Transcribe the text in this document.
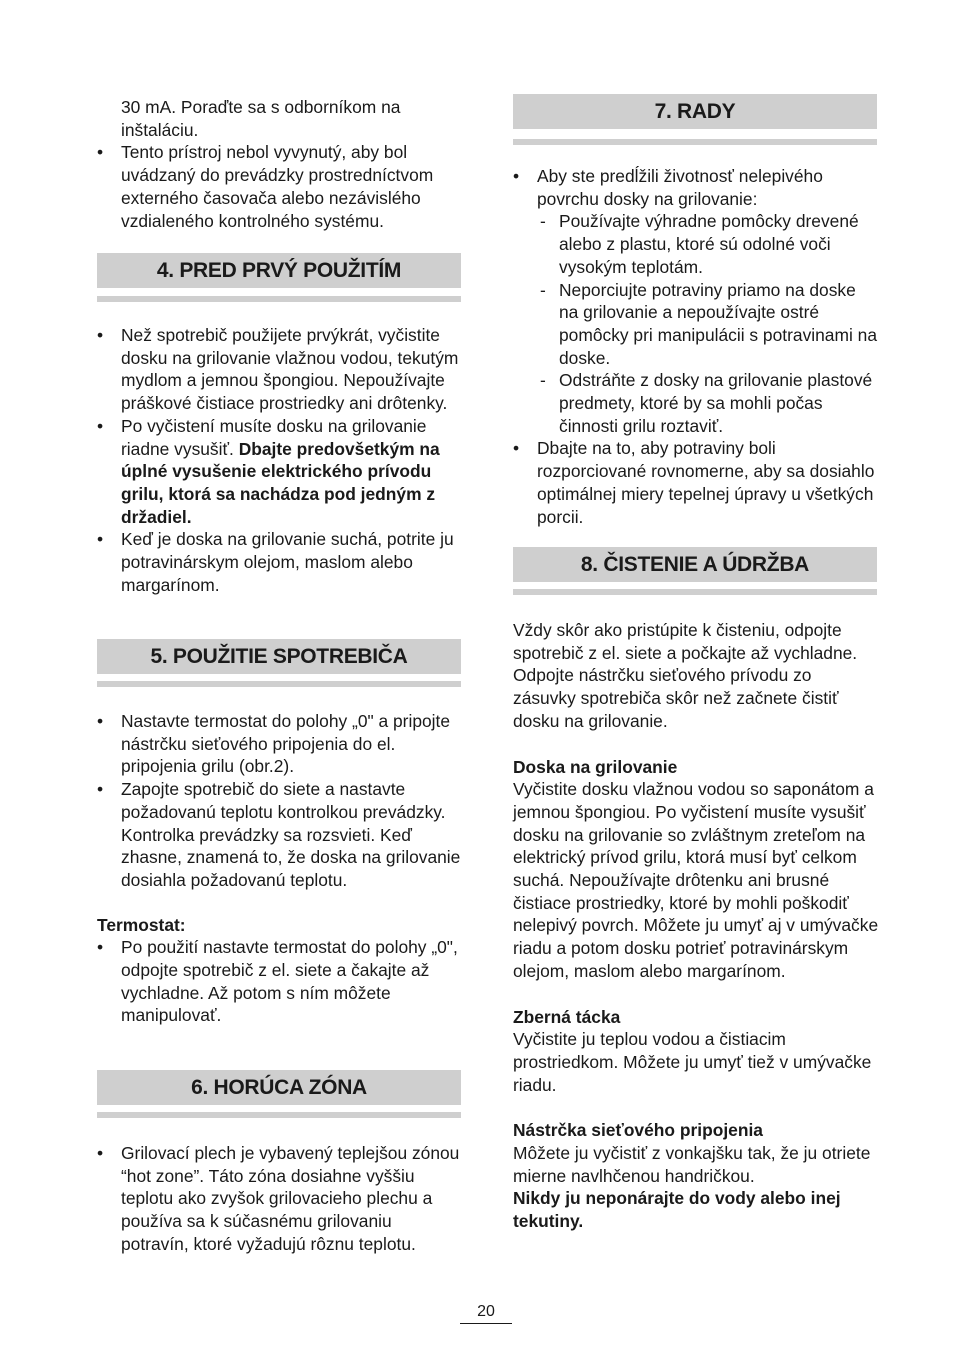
30 mA. Poraďte sa s odborníkom na inštaláciu.

• Tento prístroj nebol vyvynutý, aby bol uvádzaný do prevádzky prostredníctvom externého časovača alebo nezávislého vzdialeného kontrolného systému.
4. PRED PRVÝ POUŽITÍM
• Než spotrebič použijete prvýkrát, vyčistite dosku na grilovanie vlažnou vodou, tekutým mydlom a jemnou špongiou. Nepoužívajte práškové čistiace prostriedky ani drôtenky.
• Po vyčistení musíte dosku na grilovanie riadne vysušiť. Dbajte predovšetkým na úplné vysušenie elektrického prívodu grilu, ktorá sa nachádza pod jedným z držadiel.
• Keď je doska na grilovanie suchá, potrite ju potravinárskym olejom, maslom alebo margarínom.
5. POUŽITIE SPOTREBIČA
• Nastavte termostat do polohy „0" a pripojte nástrčku sieťového pripojenia do el. pripojenia grilu (obr.2).
• Zapojte spotrebič do siete a nastavte požadovanú teplotu kontrolkou prevádzky. Kontrolka prevádzky sa rozsvieti. Keď zhasne, znamená to, že doska na grilovanie dosiahla požadovanú teplotu.

Termostat:

• Po použití nastavte termostat do polohy „0", odpojte spotrebič z el. siete a čakajte až vychladne. Až potom s ním môžete manipulovať.
6. HORÚCA ZÓNA
• Grilovací plech je vybavený teplejšou zónou “hot zone”. Táto zóna dosiahne vyššiu teplotu ako zvyšok grilovacieho plechu a používa sa k súčasnému grilovaniu potravín, ktoré vyžadujú rôznu teplotu.
7. RADY
• Aby ste predĺžili životnosť nelepivého povrchu dosky na grilovanie:
- Používajte výhradne pomôcky drevené alebo z plastu, ktoré sú odolné voči vysokým teplotám.
- Neporciujte potraviny priamo na doske na grilovanie a nepoužívajte ostré pomôcky pri manipulácii s potravinami na doske.
- Odstráňte z dosky na grilovanie plastové predmety, ktoré by sa mohli počas činnosti grilu roztaviť.
• Dbajte na to, aby potraviny boli rozporciované rovnomerne, aby sa dosiahlo optimálnej miery tepelnej úpravy u všetkých porcii.
8. ČISTENIE A ÚDRŽBA

Vždy skôr ako pristúpite k čisteniu, odpojte spotrebič z el. siete a počkajte až vychladne. Odpojte nástrčku sieťového prívodu zo zásuvky spotrebiča skôr než začnete čistiť dosku na grilovanie.

Doska na grilovanie

Vyčistite dosku vlažnou vodou so saponátom a jemnou špongiou. Po vyčistení musíte vysušiť dosku na grilovanie so zvláštnym zreteľom na elektrický prívod grilu, ktorá musí byť celkom suchá. Nepoužívajte drôtenku ani brusné čistiace prostriedky, ktoré by mohli poškodiť nelepivý povrch. Môžete ju umyť aj v umývačke riadu a potom dosku potrieť potravinárskym olejom, maslom alebo margarínom.

Zberná tácka

Vyčistite ju teplou vodou a čistiacim prostriedkom. Môžete ju umyť tiež v umývačke riadu.

Nástrčka sieťového pripojenia

Môžete ju vyčistiť z vonkajšku tak, že ju otriete mierne navlhčenou handričkou.

Nikdy ju neponárajte do vody alebo inej tekutiny.

20
